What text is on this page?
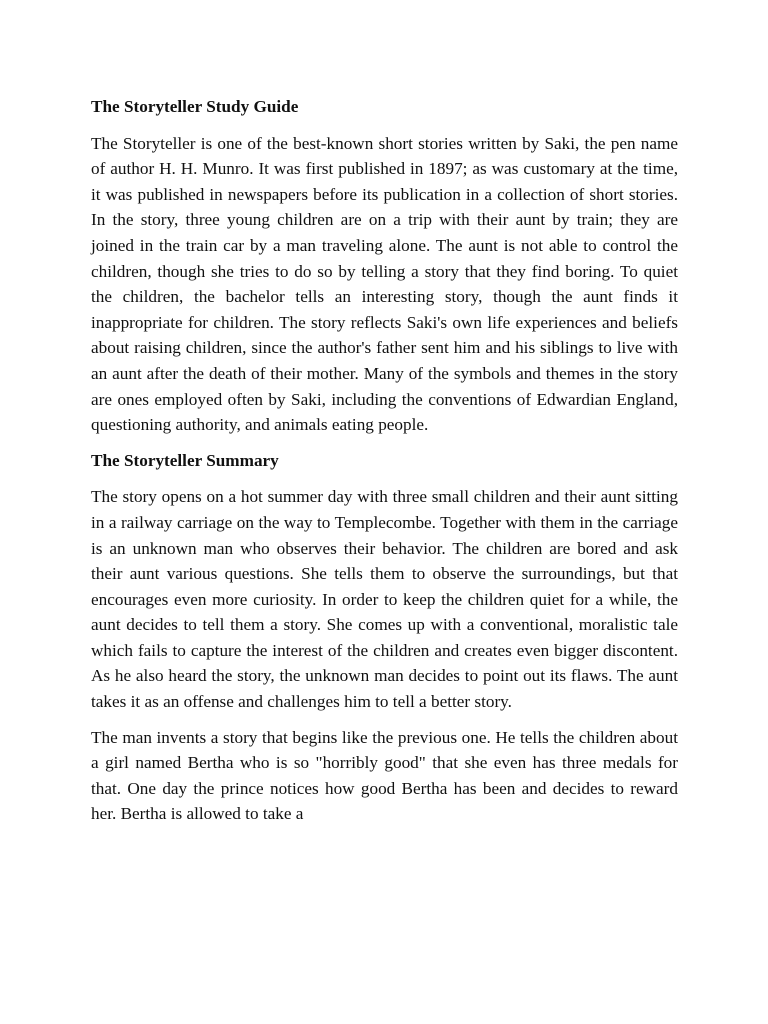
The Storyteller Study Guide

The Storyteller is one of the best-known short stories written by Saki, the pen name of author H. H. Munro. It was first published in 1897; as was customary at the time, it was published in newspapers before its publication in a collection of short stories. In the story, three young children are on a trip with their aunt by train; they are joined in the train car by a man traveling alone. The aunt is not able to control the children, though she tries to do so by telling a story that they find boring. To quiet the children, the bachelor tells an interesting story, though the aunt finds it inappropriate for children. The story reflects Saki's own life experiences and beliefs about raising children, since the author's father sent him and his siblings to live with an aunt after the death of their mother. Many of the symbols and themes in the story are ones employed often by Saki, including the conventions of Edwardian England, questioning authority, and animals eating people.

The Storyteller Summary

The story opens on a hot summer day with three small children and their aunt sitting in a railway carriage on the way to Templecombe. Together with them in the carriage is an unknown man who observes their behavior. The children are bored and ask their aunt various questions. She tells them to observe the surroundings, but that encourages even more curiosity. In order to keep the children quiet for a while, the aunt decides to tell them a story. She comes up with a conventional, moralistic tale which fails to capture the interest of the children and creates even bigger discontent. As he also heard the story, the unknown man decides to point out its flaws. The aunt takes it as an offense and challenges him to tell a better story.

The man invents a story that begins like the previous one. He tells the children about a girl named Bertha who is so "horribly good" that she even has three medals for that. One day the prince notices how good Bertha has been and decides to reward her. Bertha is allowed to take a
